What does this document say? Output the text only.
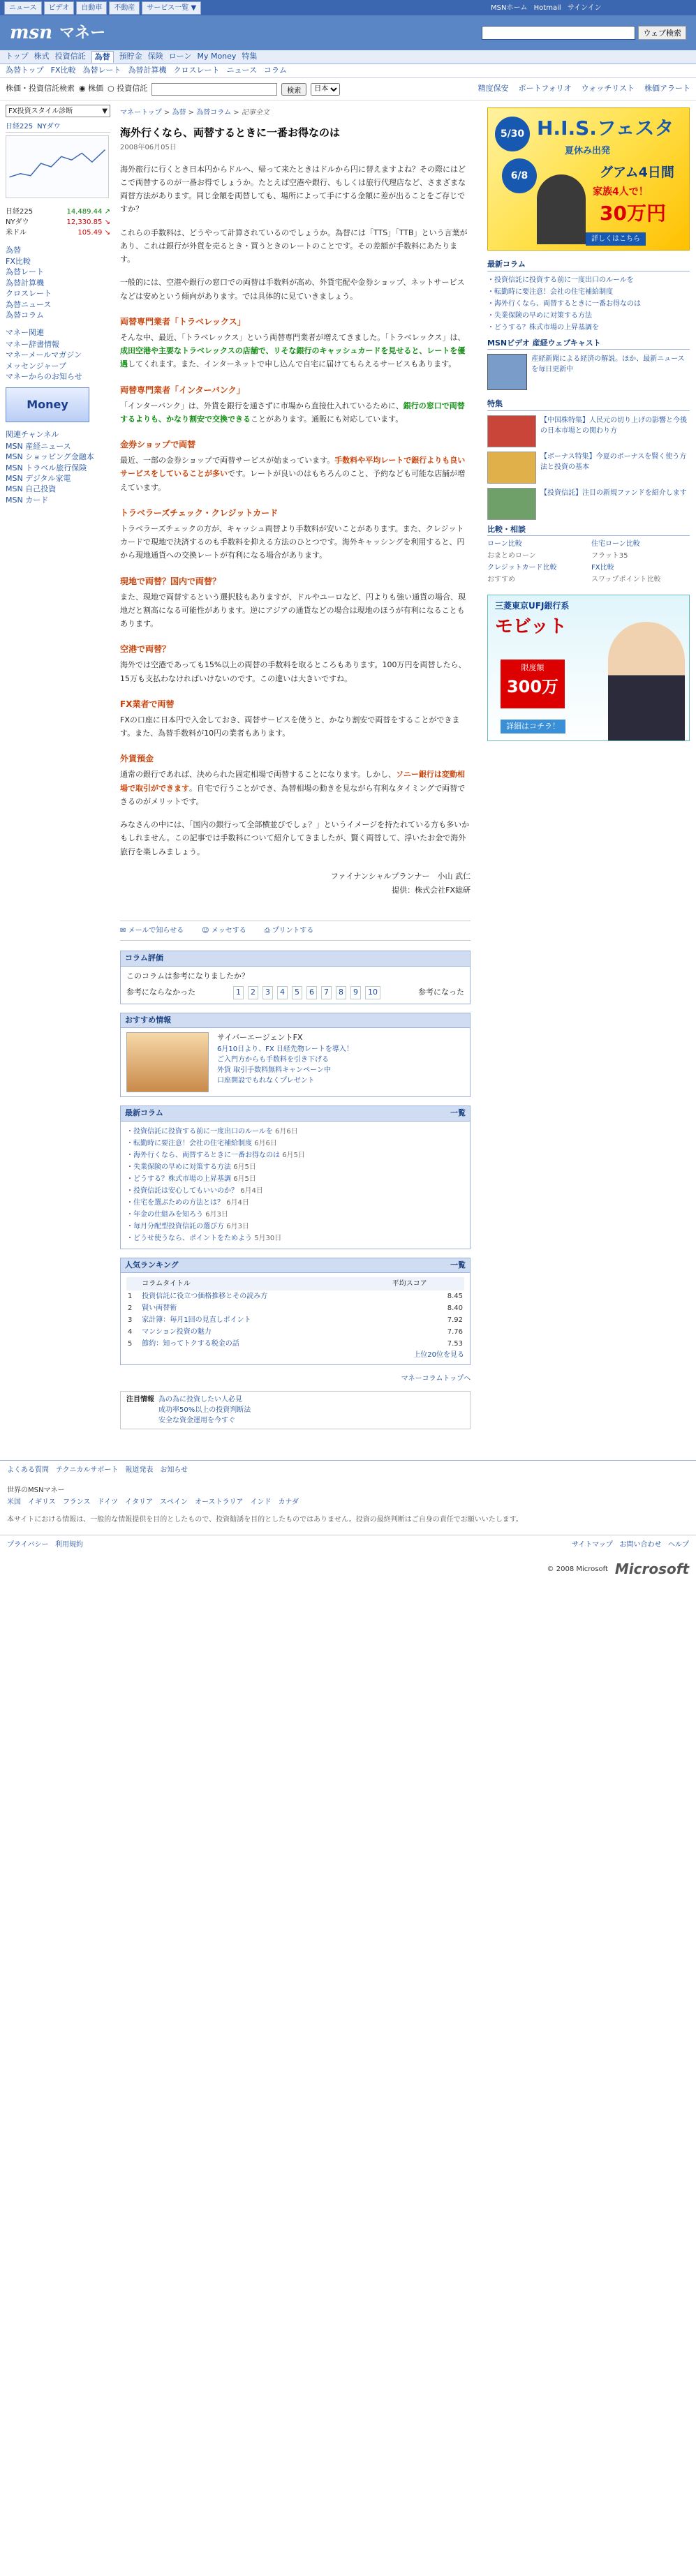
ニュース	ビデオ	自動車	不動産	サービス一覧 ▼	MSNホーム Hotmail サインイン
msn マネー	ウェブ検索
トップ 株式 投資信託	為替	預貯金 保険 ローン My Money 特集
為替トップ FX比較 為替レート 為替計算機 クロスレート ニュース コラム
株価・投資信託検索 ◉ 株価 ○ 投資信託	検索
日本	精度保安 ポートフォリオ ウォッチリスト 株価アラート
FX投資スタイル診断	▼
日経225 NYダウ
日経225	14,489.44 ↗
NYダウ	12,330.85 ↘
米ドル	105.49 ↘
為替
FX比較
為替レート
為替計算機
クロスレート
為替ニュース
為替コラム
マネー関連
マネー辞書情報
マネーメールマガジン
メッセンジャーブ
マネーからのお知らせ
Money
関連チャンネル
MSN 産経ニュース
MSN ショッピング金融本
MSN トラベル旅行保険
MSN デジタル家電
MSN 自己投資
MSN カード
マネートップ > 為替 > 為替コラム > 記事全文
海外行くなら、両替するときに一番お得なのは
2008年06月05日

海外旅行に行くとき日本円からドルへ、帰って来たときはドルから円に替えますよね？その際にはどこで両替するのが一番お得でしょうか。たとえば空港や銀行、もしくは旅行代理店など、さまざまな両替方法があります。同じ金額を両替しても、場所によって手にする金額に差が出ることをご存じですか？

これらの手数料は、どうやって計算されているのでしょうか。為替には「TTS」「TTB」という言葉があり、これは銀行が外貨を売るとき・買うときのレートのことです。その差額が手数料にあたります。

一般的には、空港や銀行の窓口での両替は手数料が高め、外貨宅配や金券ショップ、ネットサービスなどは安めという傾向があります。では具体的に見ていきましょう。

両替専門業者「トラベレックス」

そんな中、最近、「トラベレックス」という両替専門業者が増えてきました。「トラベレックス」は、成田空港や主要なトラベレックスの店舗で、リそな銀行のキャッシュカードを見せると、レートを優遇してくれます。また、インターネットで申し込んで自宅に届けてもらえるサービスもあります。

両替専門業者「インターバンク」

「インターバンク」は、外貨を銀行を通さずに市場から直接仕入れているために、銀行の窓口で両替するよりも、かなり割安で交換できることがあります。通販にも対応しています。

金券ショップで両替

最近、一部の金券ショップで両替サービスが始まっています。手数料や平均レートで銀行よりも良いサービスをしていることが多いです。レートが良いのはもちろんのこと、予約なども可能な店舗が増えています。

トラベラーズチェック・クレジットカード

トラベラーズチェックの方が、キャッシュ両替より手数料が安いことがあります。また、クレジットカードで現地で決済するのも手数料を抑える方法のひとつです。海外キャッシングを利用すると、円から現地通貨への交換レートが有利になる場合があります。

現地で両替？国内で両替？

また、現地で両替するという選択肢もありますが、ドルやユーロなど、円よりも強い通貨の場合、現地だと割高になる可能性があります。逆にアジアの通貨などの場合は現地のほうが有利になることもあります。

空港で両替？

海外では空港であっても15%以上の両替の手数料を取るところもあります。100万円を両替したら、15万も支払わなければいけないのです。この違いは大きいですね。

FX業者で両替

FXの口座に日本円で入金しておき、両替サービスを使うと、かなり割安で両替をすることができます。また、為替手数料が10円の業者もあります。

外貨預金

通常の銀行であれば、決められた固定相場で両替することになります。しかし、ソニー銀行は変動相場で取引ができます。自宅で行うことができ、為替相場の動きを見ながら有利なタイミングで両替できるのがメリットです。

みなさんの中には、「国内の銀行って全部横並びでしょ？」というイメージを持たれている方も多いかもしれません。この記事では手数料について紹介してきましたが、賢く両替して、浮いたお金で海外旅行を楽しみましょう。

ファイナンシャルプランナー　小山 武仁
提供：株式会社FX総研
✉ メールで知らせる	☺ メッセする	⎙ プリントする
コラム評価
このコラムは参考になりましたか？
参考にならなかった	1	2	3	4	5	6	7	8	9	10	参考になった
おすすめ情報
サイバーエージェントFX
6月10日より、FX 日経先物レートを導入！
ご入門方からも手数料を引き下げる
外貨 取引手数料無料キャンペーン中
口座開設でもれなくプレゼント
最新コラム	一覧
・投資信託に投資する前に一度出口のルールを 6月6日
・転勤時に要注意！会社の住宅補給制度 6月6日
・海外行くなら、両替するときに一番お得なのは 6月5日
・失業保険の早めに対策する方法 6月5日
・どうする？株式市場の上昇基調 6月5日
・投資信託は安心してもいいのか？ 6月4日
・住宅を選ぶための方法とは？ 6月4日
・年金の仕組みを知ろう 6月3日
・毎月分配型投資信託の選び方 6月3日
・どうせ使うなら、ポイントをためよう 5月30日
人気ランキング	一覧
	コラムタイトル	平均スコア
1	投資信託に役立つ価格推移とその読み方	8.45
2	賢い両替術	8.40
3	家計簿：毎月1回の見直しポイント	7.92
4	マンション投資の魅力	7.76
5	節約：知ってトクする税金の話	7.53
上位20位を見る
マネーコラムトップへ
注目情報 為の為に投資したい人必見
成功率50%以上の投資判断法
安全な資金運用を今すぐ
5/30
6/8
H.I.S.フェスタ
夏休み出発
グアム4日間
家族4人で！
30万円
詳しくはこちら
最新コラム
・投資信託に投資する前に一度出口のルールを
・転勤時に要注意！会社の住宅補給制度
・海外行くなら、両替するときに一番お得なのは
・失業保険の早めに対策する方法
・どうする？株式市場の上昇基調を
MSNビデオ 産経ウェブキャスト

産経新聞による経済の解説。ほか、最新ニュースを毎日更新中

特集
【中国株特集】人民元の切り上げの影響と今後の日本市場との関わり方
【ボーナス特集】今夏のボーナスを賢く使う方法と投資の基本
【投資信託】注目の新規ファンドを紹介します
比較・相談
ローン比較	住宅ローン比較
おまとめローン	フラット35
クレジットカード比較	FX比較
おすすめ	スワップポイント比較
三菱東京UFJ銀行系
モビット
限度額
300万
詳細はコチラ！
よくある質問 テクニカルサポート 報道発表 お知らせ
世界のMSNマネー
米国 イギリス フランス ドイツ イタリア スペイン オーストラリア インド カナダ
本サイトにおける情報は、一般的な情報提供を目的としたもので、投資勧誘を目的としたものではありません。投資の最終判断はご自身の責任でお願いいたします。
プライバシー 利用規約	サイトマップ お問い合わせ ヘルプ
© 2008 Microsoft Microsoft
